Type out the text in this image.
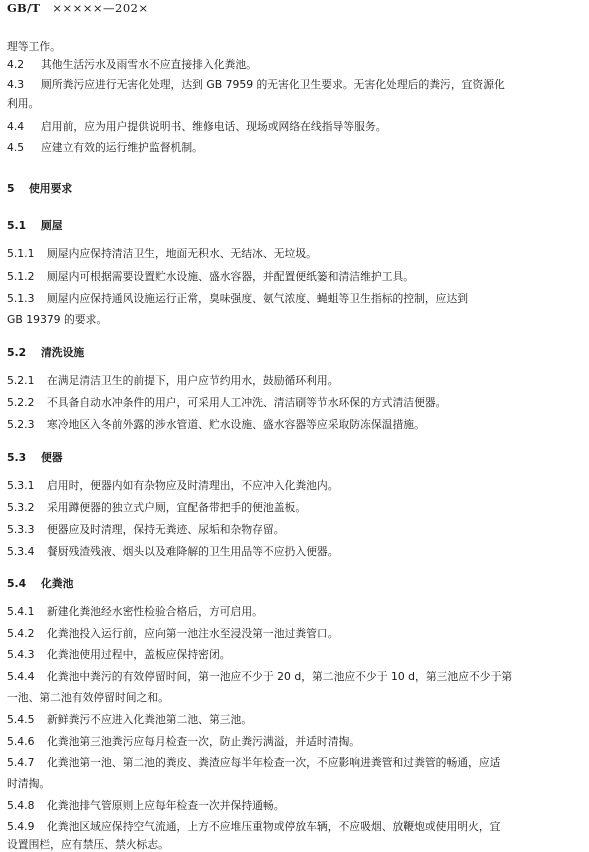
GB/T ×××××—202×
理等工作。
4.2 其他生活污水及雨雪水不应直接排入化粪池。
4.3 厕所粪污应进行无害化处理，达到 GB 7959 的无害化卫生要求。无害化处理后的粪污，宜资源化
利用。
4.4 启用前，应为用户提供说明书、维修电话、现场或网络在线指导等服务。
4.5 应建立有效的运行维护监督机制。
5 使用要求
5.1 厕屋
5.1.1 厕屋内应保持清洁卫生，地面无积水、无结冰、无垃圾。
5.1.2 厕屋内可根据需要设置贮水设施、盛水容器，并配置便纸篓和清洁维护工具。
5.1.3 厕屋内应保持通风设施运行正常，臭味强度、氨气浓度、蝇蛆等卫生指标的控制，应达到
GB 19379 的要求。
5.2 清洗设施
5.2.1 在满足清洁卫生的前提下，用户应节约用水，鼓励循环利用。
5.2.2 不具备自动水冲条件的用户，可采用人工冲洗、清洁刷等节水环保的方式清洁便器。
5.2.3 寒冷地区入冬前外露的涉水管道、贮水设施、盛水容器等应采取防冻保温措施。
5.3 便器
5.3.1 启用时，便器内如有杂物应及时清理出，不应冲入化粪池内。
5.3.2 采用蹲便器的独立式户厕，宜配备带把手的便池盖板。
5.3.3 便器应及时清理，保持无粪迹、尿垢和杂物存留。
5.3.4 餐厨残渣残液、烟头以及难降解的卫生用品等不应扔入便器。
5.4 化粪池
5.4.1 新建化粪池经水密性检验合格后，方可启用。
5.4.2 化粪池投入运行前，应向第一池注水至浸没第一池过粪管口。
5.4.3 化粪池使用过程中，盖板应保持密闭。
5.4.4 化粪池中粪污的有效停留时间，第一池应不少于 20 d，第二池应不少于 10 d，第三池应不少于第
一池、第二池有效停留时间之和。
5.4.5 新鲜粪污不应进入化粪池第二池、第三池。
5.4.6 化粪池第三池粪污应每月检查一次，防止粪污满溢，并适时清掏。
5.4.7 化粪池第一池、第二池的粪皮、粪渣应每半年检查一次，不应影响进粪管和过粪管的畅通，应适
时清掏。
5.4.8 化粪池排气管原则上应每年检查一次并保持通畅。
5.4.9 化粪池区域应保持空气流通，上方不应堆压重物或停放车辆，不应吸烟、放鞭炮或使用明火，宜
设置围栏，应有禁压、禁火标志。
